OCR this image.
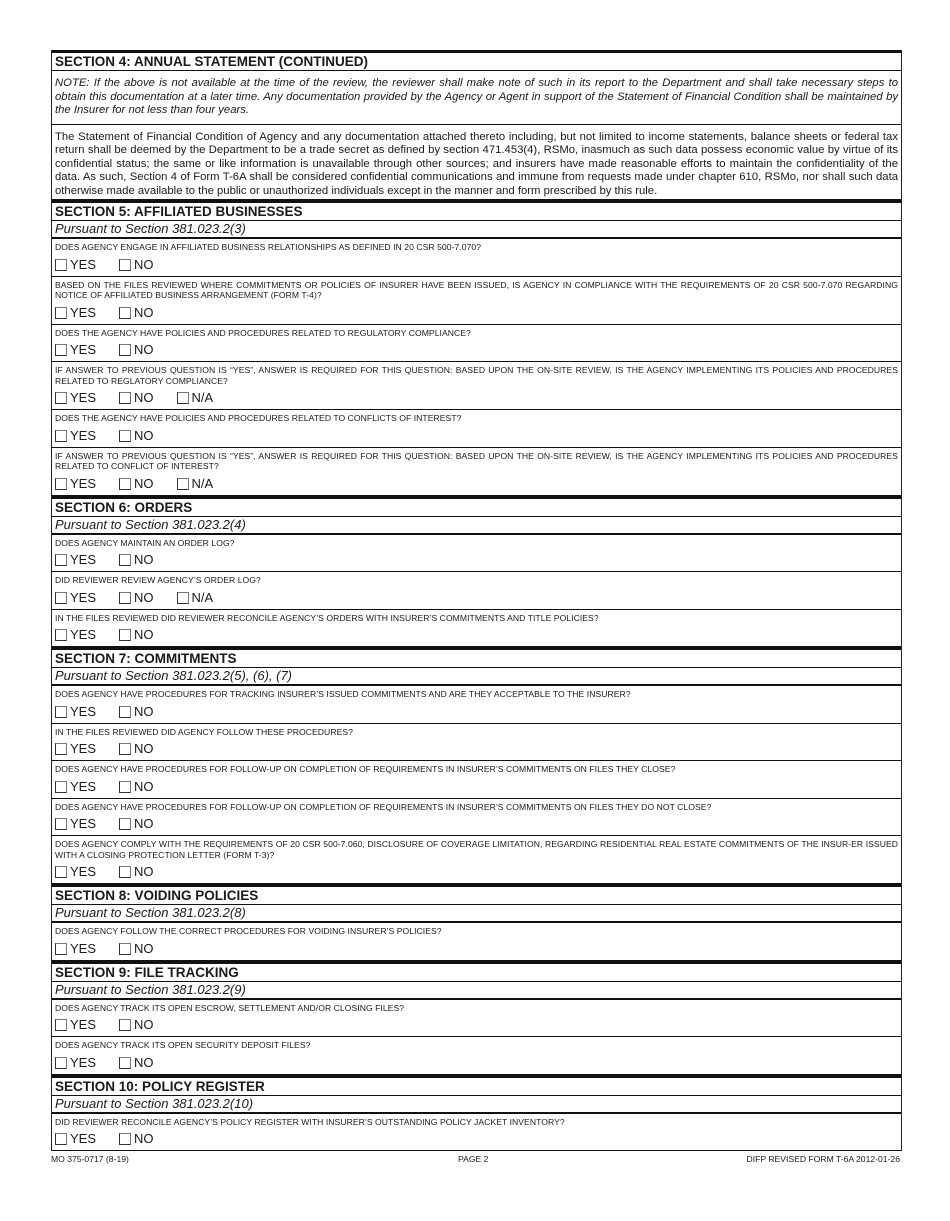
SECTION 4: ANNUAL STATEMENT (CONTINUED)
NOTE: If the above is not available at the time of the review, the reviewer shall make note of such in its report to the Department and shall take necessary steps to obtain this documentation at a later time. Any documentation provided by the Agency or Agent in support of the Statement of Financial Condition shall be maintained by the Insurer for not less than four years.
The Statement of Financial Condition of Agency and any documentation attached thereto including, but not limited to income statements, balance sheets or federal tax return shall be deemed by the Department to be a trade secret as defined by section 471.453(4), RSMo, inasmuch as such data possess economic value by virtue of its confidential status; the same or like information is unavailable through other sources; and insurers have made reasonable efforts to maintain the confidentiality of the data. As such, Section 4 of Form T-6A shall be considered confidential communications and immune from requests made under chapter 610, RSMo, nor shall such data otherwise made available to the public or unauthorized individuals except in the manner and form prescribed by this rule.
SECTION 5: AFFILIATED BUSINESSES
Pursuant to Section 381.023.2(3)
DOES AGENCY ENGAGE IN AFFILIATED BUSINESS RELATIONSHIPS AS DEFINED IN 20 CSR 500-7.070?
YES	NO
BASED ON THE FILES REVIEWED WHERE COMMITMENTS OR POLICIES OF INSURER HAVE BEEN ISSUED, IS AGENCY IN COMPLIANCE WITH THE REQUIREMENTS OF 20 CSR 500-7.070 REGARDING NOTICE OF AFFILIATED BUSINESS ARRANGEMENT (FORM T-4)?
YES	NO
DOES THE AGENCY HAVE POLICIES AND PROCEDURES RELATED TO REGULATORY COMPLIANCE?
YES	NO
IF ANSWER TO PREVIOUS QUESTION IS “YES”, ANSWER IS REQUIRED FOR THIS QUESTION: BASED UPON THE ON-SITE REVIEW, IS THE AGENCY IMPLEMENTING ITS POLICIES AND PROCEDURES RELATED TO REGLATORY COMPLIANCE?
YES	NO	N/A
DOES THE AGENCY HAVE POLICIES AND PROCEDURES RELATED TO CONFLICTS OF INTEREST?
YES	NO
IF ANSWER TO PREVIOUS QUESTION IS “YES”, ANSWER IS REQUIRED FOR THIS QUESTION: BASED UPON THE ON-SITE REVIEW, IS THE AGENCY IMPLEMENTING ITS POLICIES AND PROCEDURES RELATED TO CONFLICT OF INTEREST?
YES	NO	N/A
SECTION 6: ORDERS
Pursuant to Section 381.023.2(4)
DOES AGENCY MAINTAIN AN ORDER LOG?
YES	NO
DID REVIEWER REVIEW AGENCY’S ORDER LOG?
YES	NO	N/A
IN THE FILES REVIEWED DID REVIEWER RECONCILE AGENCY’S ORDERS WITH INSURER’S COMMITMENTS AND TITLE POLICIES?
YES	NO
SECTION 7: COMMITMENTS
Pursuant to Section 381.023.2(5), (6), (7)
DOES AGENCY HAVE PROCEDURES FOR TRACKING INSURER’S ISSUED COMMITMENTS AND ARE THEY ACCEPTABLE TO THE INSURER?
YES	NO
IN THE FILES REVIEWED DID AGENCY FOLLOW THESE PROCEDURES?
YES	NO
DOES AGENCY HAVE PROCEDURES FOR FOLLOW-UP ON COMPLETION OF REQUIREMENTS IN INSURER’S COMMITMENTS ON FILES THEY CLOSE?
YES	NO
DOES AGENCY HAVE PROCEDURES FOR FOLLOW-UP ON COMPLETION OF REQUIREMENTS IN INSURER’S COMMITMENTS ON FILES THEY DO NOT CLOSE?
YES	NO
DOES AGENCY COMPLY WITH THE REQUIREMENTS OF 20 CSR 500-7.060, DISCLOSURE OF COVERAGE LIMITATION, REGARDING RESIDENTIAL REAL ESTATE COMMITMENTS OF THE INSUR-ER ISSUED WITH A CLOSING PROTECTION LETTER (FORM T-3)?
YES	NO
SECTION 8: VOIDING POLICIES
Pursuant to Section 381.023.2(8)
DOES AGENCY FOLLOW THE CORRECT PROCEDURES FOR VOIDING INSURER’S POLICIES?
YES	NO
SECTION 9: FILE TRACKING
Pursuant to Section 381.023.2(9)
DOES AGENCY TRACK ITS OPEN ESCROW, SETTLEMENT AND/OR CLOSING FILES?
YES	NO
DOES AGENCY TRACK ITS OPEN SECURITY DEPOSIT FILES?
YES	NO
SECTION 10: POLICY REGISTER
Pursuant to Section 381.023.2(10)
DID REVIEWER RECONCILE AGENCY’S POLICY REGISTER WITH INSURER’S OUTSTANDING POLICY JACKET INVENTORY?
YES	NO
MO 375-0717 (8-19)	PAGE 2	DIFP REVISED FORM T-6A 2012-01-26
